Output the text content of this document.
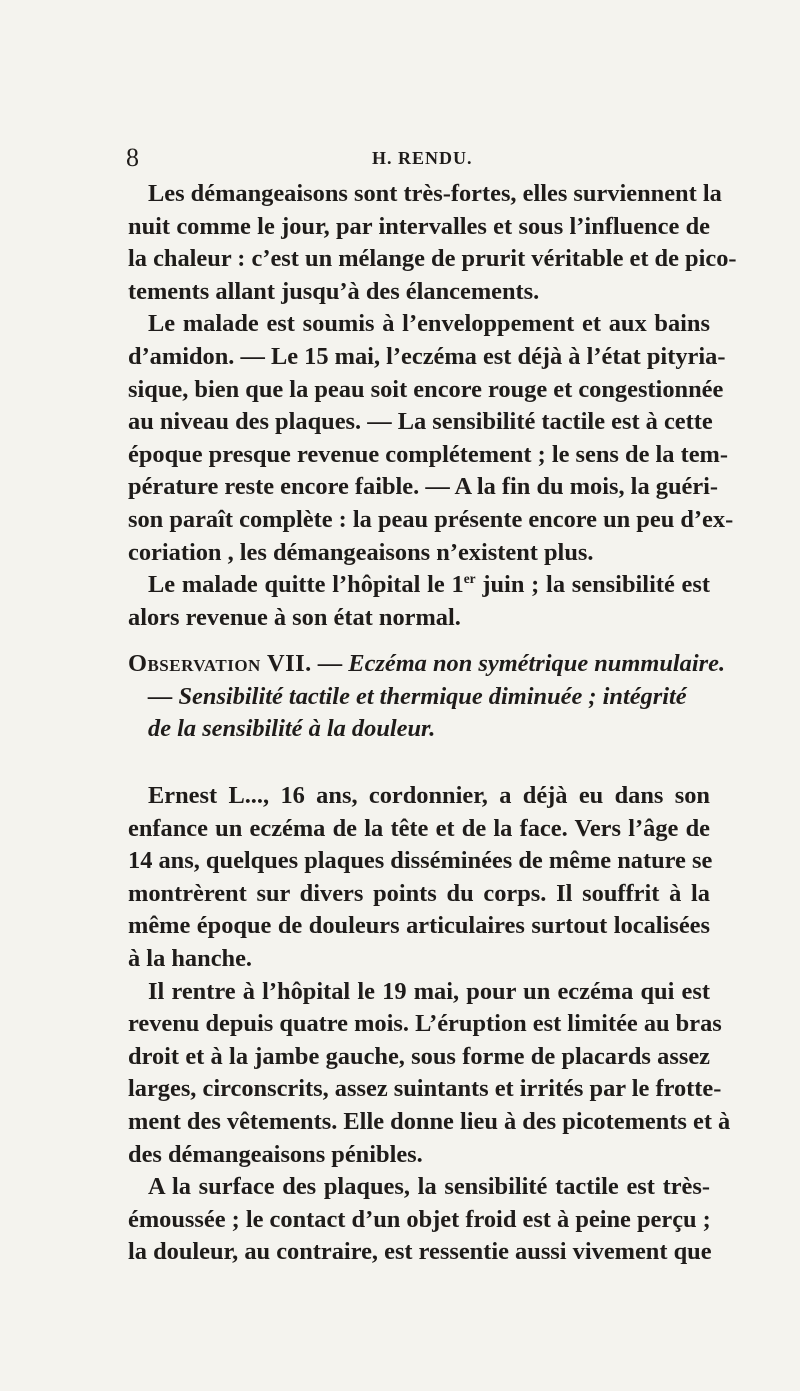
8	H. RENDU.

Les démangeaisons sont très-fortes, elles surviennent la
nuit comme le jour, par intervalles et sous l’influence de
la chaleur : c’est un mélange de prurit véritable et de pico-
tements allant jusqu’à des élancements.

Le malade est soumis à l’enveloppement et aux bains
d’amidon. — Le 15 mai, l’eczéma est déjà à l’état pityria-
sique, bien que la peau soit encore rouge et congestionnée
au niveau des plaques. — La sensibilité tactile est à cette
époque presque revenue complétement ; le sens de la tem-
pérature reste encore faible. — A la fin du mois, la guéri-
son paraît complète : la peau présente encore un peu d’ex-
coriation , les démangeaisons n’existent plus.

Le malade quitte l’hôpital le 1er juin ; la sensibilité est
alors revenue à son état normal.

Observation VII. — Eczéma non symétrique nummulaire.
— Sensibilité tactile et thermique diminuée ; intégrité
de la sensibilité à la douleur.

Ernest L..., 16 ans, cordonnier, a déjà eu dans son
enfance un eczéma de la tête et de la face. Vers l’âge de
14 ans, quelques plaques disséminées de même nature se
montrèrent sur divers points du corps. Il souffrit à la
même époque de douleurs articulaires surtout localisées
à la hanche.

Il rentre à l’hôpital le 19 mai, pour un eczéma qui est
revenu depuis quatre mois. L’éruption est limitée au bras
droit et à la jambe gauche, sous forme de placards assez
larges, circonscrits, assez suintants et irrités par le frotte-
ment des vêtements. Elle donne lieu à des picotements et à
des démangeaisons pénibles.

A la surface des plaques, la sensibilité tactile est très-
émoussée ; le contact d’un objet froid est à peine perçu ;
la douleur, au contraire, est ressentie aussi vivement que
